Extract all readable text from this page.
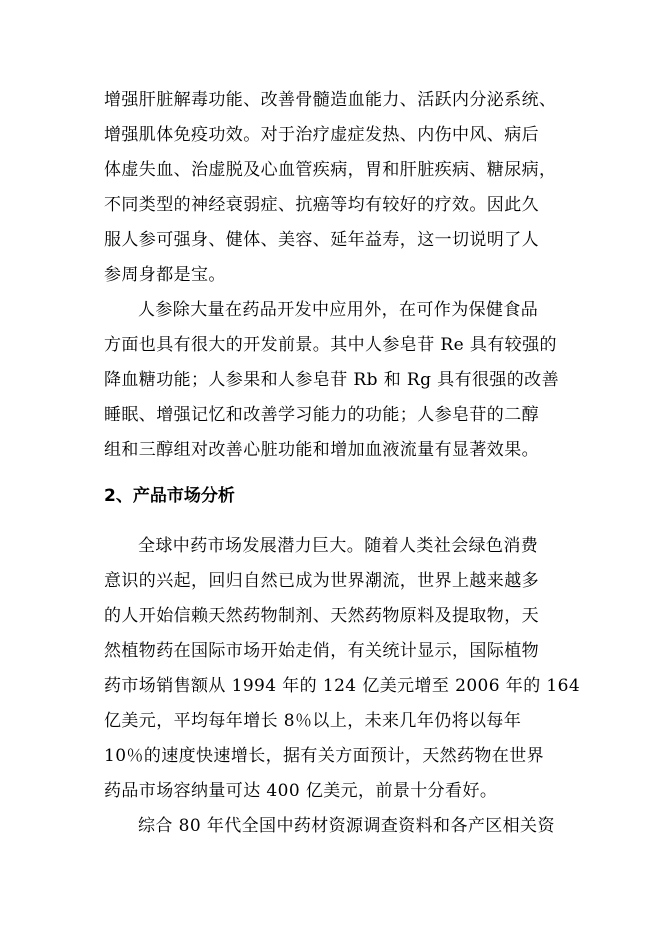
增强肝脏解毒功能、改善骨髓造血能力、活跃内分泌系统、
增强肌体免疫功效。对于治疗虚症发热、内伤中风、病后
体虚失血、治虚脱及心血管疾病，胃和肝脏疾病、糖尿病，
不同类型的神经衰弱症、抗癌等均有较好的疗效。因此久
服人参可强身、健体、美容、延年益寿，这一切说明了人
参周身都是宝。
人参除大量在药品开发中应用外，在可作为保健食品
方面也具有很大的开发前景。其中人参皂苷 Re 具有较强的
降血糖功能；人参果和人参皂苷 Rb 和 Rg 具有很强的改善
睡眠、增强记忆和改善学习能力的功能；人参皂苷的二醇
组和三醇组对改善心脏功能和增加血液流量有显著效果。
2、产品市场分析
全球中药市场发展潜力巨大。随着人类社会绿色消费
意识的兴起，回归自然已成为世界潮流，世界上越来越多
的人开始信赖天然药物制剂、天然药物原料及提取物，天
然植物药在国际市场开始走俏，有关统计显示，国际植物
药市场销售额从 1994 年的 124 亿美元增至 2006 年的 164
亿美元，平均每年增长 8％以上，未来几年仍将以每年
10％的速度快速增长，据有关方面预计，天然药物在世界
药品市场容纳量可达 400 亿美元，前景十分看好。
综合 80 年代全国中药材资源调查资料和各产区相关资
